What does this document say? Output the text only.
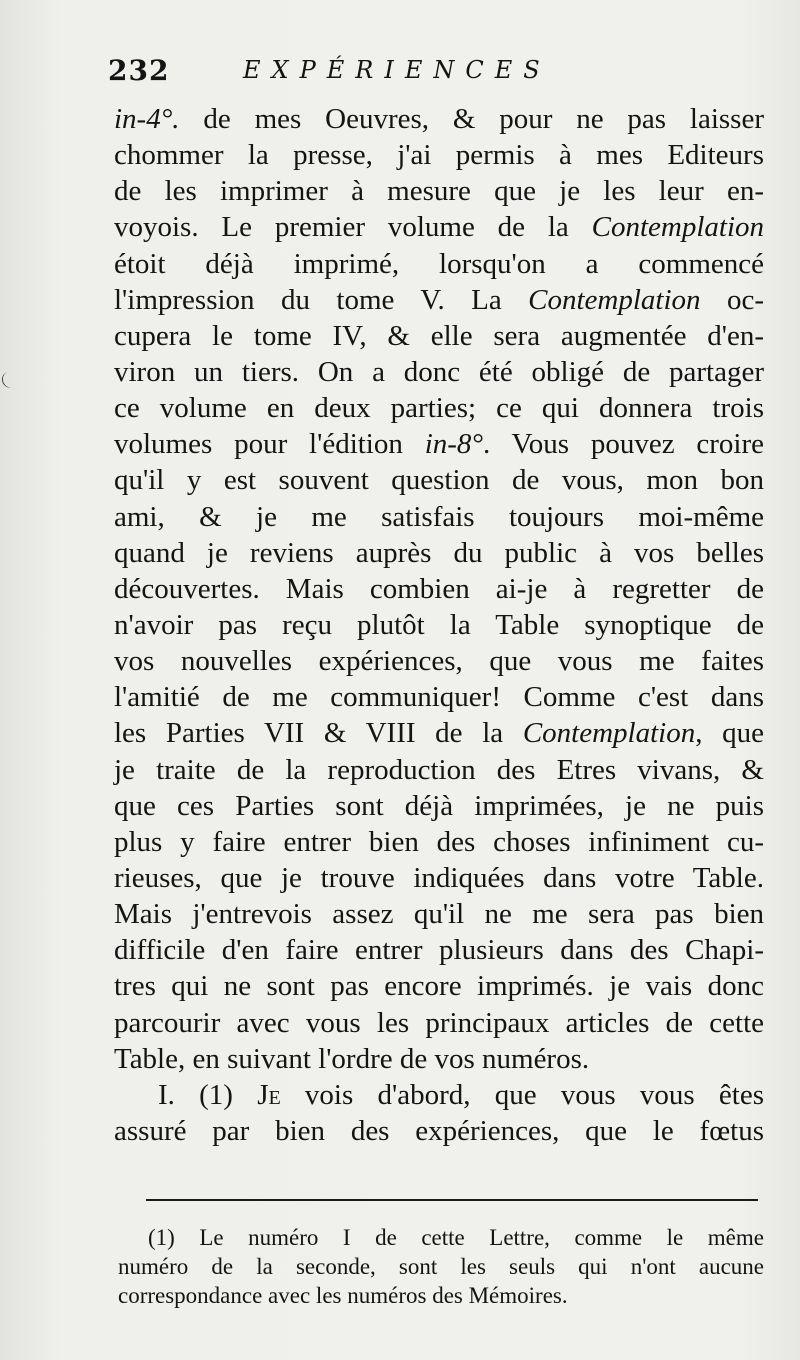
232	EXPÉRIENCES
in-4°. de mes Oeuvres, & pour ne pas laisser
chommer la presse, j'ai permis à mes Editeurs
de les imprimer à mesure que je les leur en-
voyois. Le premier volume de la Contemplation
étoit déjà imprimé, lorsqu'on a commencé
l'impression du tome V. La Contemplation oc-
cupera le tome IV, & elle sera augmentée d'en-
viron un tiers. On a donc été obligé de partager
ce volume en deux parties; ce qui donnera trois
volumes pour l'édition in-8°. Vous pouvez croire
qu'il y est souvent question de vous, mon bon
ami, & je me satisfais toujours moi-même
quand je reviens auprès du public à vos belles
découvertes. Mais combien ai-je à regretter de
n'avoir pas reçu plutôt la Table synoptique de
vos nouvelles expériences, que vous me faites
l'amitié de me communiquer! Comme c'est dans
les Parties VII & VIII de la Contemplation, que
je traite de la reproduction des Etres vivans, &
que ces Parties sont déjà imprimées, je ne puis
plus y faire entrer bien des choses infiniment cu-
rieuses, que je trouve indiquées dans votre Table.
Mais j'entrevois assez qu'il ne me sera pas bien
difficile d'en faire entrer plusieurs dans des Chapi-
tres qui ne sont pas encore imprimés. je vais donc
parcourir avec vous les principaux articles de cette
Table, en suivant l'ordre de vos numéros.
I. (1) Je vois d'abord, que vous vous êtes
assuré par bien des expériences, que le fœtus
(1) Le numéro I de cette Lettre, comme le même
numéro de la seconde, sont les seuls qui n'ont aucune
correspondance avec les numéros des Mémoires.
